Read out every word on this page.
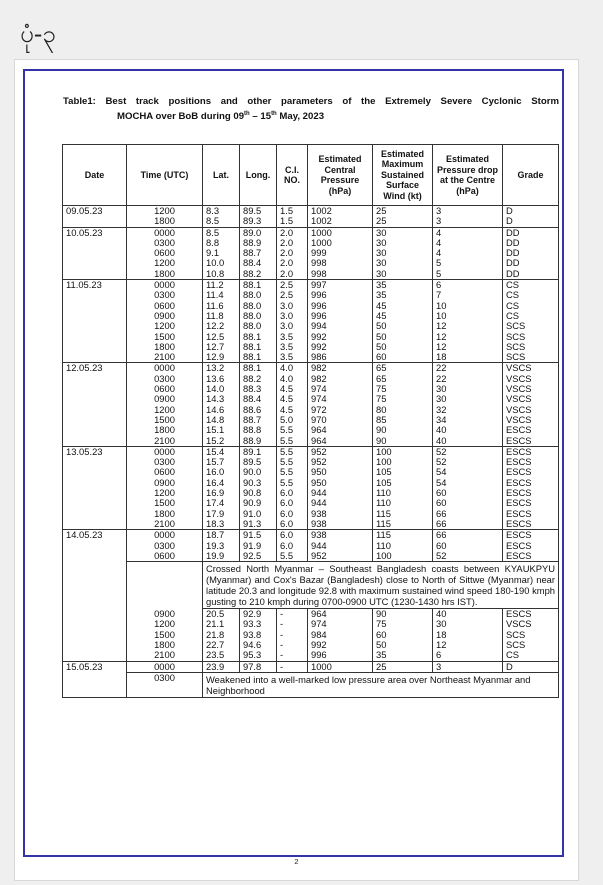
ပုံ-၃
Table1: Best track positions and other parameters of the Extremely Severe Cyclonic Storm
MOCHA over BoB during 09th – 15th May, 2023
Date	Time (UTC)	Lat.	Long.	C.I. NO.	Estimated Central Pressure (hPa)	Estimated Maximum Sustained Surface Wind (kt)	Estimated Pressure drop at the Centre (hPa)	Grade
09.05.23	1200	8.3	89.5	1.5	1002	25	3	D
	1800	8.5	89.3	1.5	1002	25	3	D
10.05.23	0000	8.5	89.0	2.0	1000	30	4	DD
	0300	8.8	88.9	2.0	1000	30	4	DD
	0600	9.1	88.7	2.0	999	30	4	DD
	1200	10.0	88.4	2.0	998	30	5	DD
	1800	10.8	88.2	2.0	998	30	5	DD
11.05.23	0000	11.2	88.1	2.5	997	35	6	CS
	0300	11.4	88.0	2.5	996	35	7	CS
	0600	11.6	88.0	3.0	996	45	10	CS
	0900	11.8	88.0	3.0	996	45	10	CS
	1200	12.2	88.0	3.0	994	50	12	SCS
	1500	12.5	88.1	3.5	992	50	12	SCS
	1800	12.7	88.1	3.5	992	50	12	SCS
	2100	12.9	88.1	3.5	986	60	18	SCS
12.05.23	0000	13.2	88.1	4.0	982	65	22	VSCS
	0300	13.6	88.2	4.0	982	65	22	VSCS
	0600	14.0	88.3	4.5	974	75	30	VSCS
	0900	14.3	88.4	4.5	974	75	30	VSCS
	1200	14.6	88.6	4.5	972	80	32	VSCS
	1500	14.8	88.7	5.0	970	85	34	VSCS
	1800	15.1	88.8	5.5	964	90	40	ESCS
	2100	15.2	88.9	5.5	964	90	40	ESCS
13.05.23	0000	15.4	89.1	5.5	952	100	52	ESCS
	0300	15.7	89.5	5.5	952	100	52	ESCS
	0600	16.0	90.0	5.5	950	105	54	ESCS
	0900	16.4	90.3	5.5	950	105	54	ESCS
	1200	16.9	90.8	6.0	944	110	60	ESCS
	1500	17.4	90.9	6.0	944	110	60	ESCS
	1800	17.9	91.0	6.0	938	115	66	ESCS
	2100	18.3	91.3	6.0	938	115	66	ESCS
14.05.23	0000	18.7	91.5	6.0	938	115	66	ESCS
	0300	19.3	91.9	6.0	944	110	60	ESCS
	0600	19.9	92.5	5.5	952	100	52	ESCS
		Crossed North Myanmar – Southeast Bangladesh coasts between KYAUKPYU (Myanmar) and Cox's Bazar (Bangladesh) close to North of Sittwe (Myanmar) near latitude 20.3 and longitude 92.8 with maximum sustained wind speed 180-190 kmph gusting to 210 kmph during 0700-0900 UTC (1230-1430 hrs IST).						
	0900	20.5	92.9	-	964	90	40	ESCS
	1200	21.1	93.3	-	974	75	30	VSCS
	1500	21.8	93.8	-	984	60	18	SCS
	1800	22.7	94.6	-	992	50	12	SCS
	2100	23.5	95.3	-	996	35	6	CS
15.05.23	0000	23.9	97.8	-	1000	25	3	D
	0300	Weakened into a well-marked low pressure area over Northeast Myanmar and Neighborhood						
2
